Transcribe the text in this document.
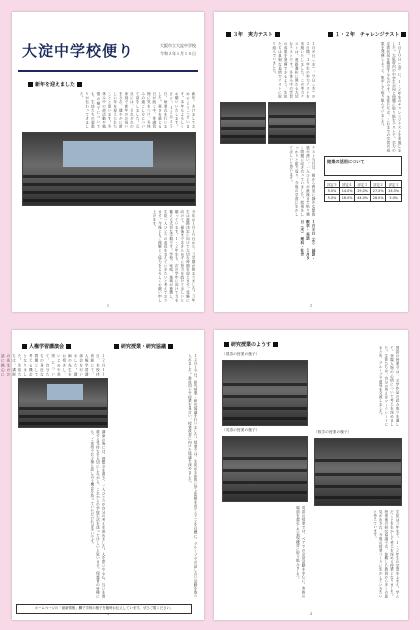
大淀中学校便り	大阪市立大淀中学校
令和２年１月１０日
新年を迎えました
新年、あけましておめでとうございます。本年もよろしくお願いいたします。さて、１２月２５日、始業式を行いました。寒さを感じる日が続く中、体調管理に気をつけ、冬休みの過ごし方について話をしました。元旦には、それぞれの家庭で新年のお祝いをされ、健やかに新しい年を迎えられたことと思います。冬休み中の部活動や勉強の様子についても、生徒たちの頑張りが伝わってきました。
今年の１月１０日から、３学期が始まりました。３年生は進路決定に向けて大切な時期を迎えます。受験に向けて、最後まであきらめずに努力を続けてほしいと願っています。１・２年生も、次の学年に向けて力を蓄える大切な学期です。学校、家庭、地域が連携し、生徒一人ひとりの成長を支えていきたいと考えております。今後ともご理解とご協力をよろしくお願い申し上げます。
１
３年　実力テスト	１・２年　チャレンジテスト
１月８日（水）、９日（木）の２日間、３年生の実力テストを実施いたしました。この実力テストは、進路選択に関わる大切なテストです。冬休み中の学習の成果を発揮できるよう、生徒たちは真剣な表情でテストに取り組んでいました。
テスト当日は、朝から教室に静かな緊張感が漂い、一人ひとりが最後まで粘り強く問題に向き合っていました。結果をしっかりと振り返り、今後の学習に生かしてほしいと思います。
１月８日（水）　国語・数学・英語　　１月９日（木）　理科・社会
１月１０日（金）に、１・２年生のチャレンジテストを実施しました。大阪府内の中学生が同じ問題に取り組むテストで、学力の定着状況を確認するものです。生徒たちは、これまでの学習の成果を発揮しようと、集中して取り組んでいました。
結果の活用について
評定５	評定４	評定３	評定２	評定１
5.0%	14.0%	29.0%	27.5%	24.5%
5.0%	18.0%	44.0%	28.0%	5.0%
２
人権学習講演会	研究授業・研究協議
１２月１１日、本校体育館にて、人権学習講演会を行いました。講師の先生をお招きし、いじめや差別について、自分たちの身近な問題として考える機会となりました。生徒たちは、講師の先生のお話に熱心に
講演の後には、感想文を書き、一人ひとりが自分の考えを深めました。人を思いやる心、互いを尊重する気持ちを大切にしながら、これからの学校生活を送ってほしいと思います。保護者の皆様にも、ご家庭でお子様と話し合う機会を持っていただければ幸いです。	１２月１９日、研究授業・研究協議を行いました。授業では、生徒が主体的に学ぶ姿勢を育てることを目標に、グループでの話し合い活動を取り入れました。教員同士で授業を見合い、授業改善に向けた協議を深めました。
ホームページの「最新情報」欄で学校の様子を随時お伝えしています。ぜひご覧ください。
研究授業のようす
（国語の授業の様子）
（英語の授業の様子）
英語の授業では、ペアでの会話活動を中心に、実際の場面を想定した表現練習に取り組みました。
国語の授業では、文学作品の読み取りを通して、登場人物の心情について考えを深めました。生徒たちは、自分の考えをワークシートにまとめ、グループで意見を交流しました。
（数学の授業の様子）
生徒は３年生で、１・２年生の学習をふまえ、学んだことを生かして考えを深める授業となりました。授業後の研究協議では、参観した教員から多くの意見が出され、今後の授業づくりに生かしていきたいと考えています。
４
